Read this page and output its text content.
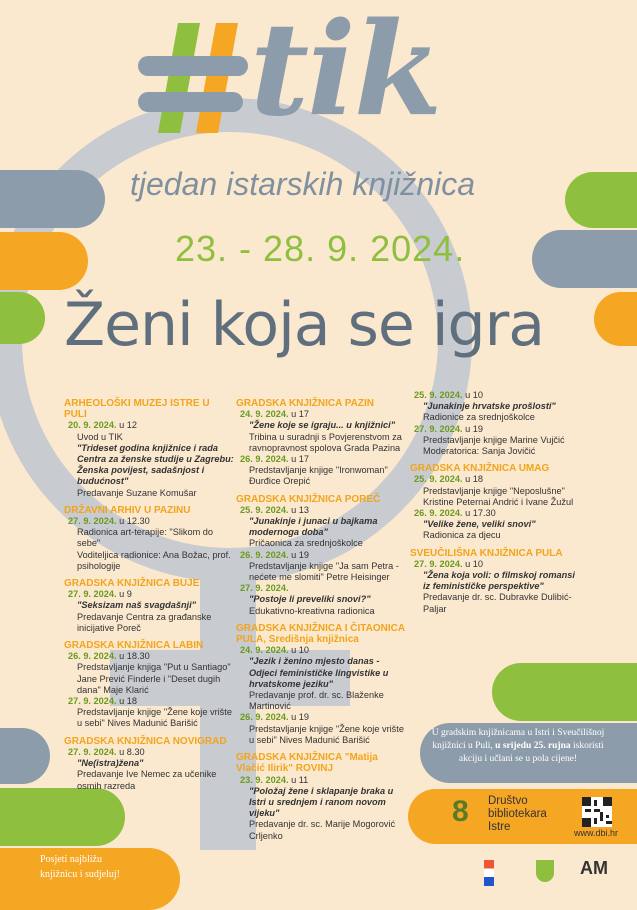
tik
tjedan istarskih knjižnica
23. - 28. 9. 2024.
Ženi koja se igra
ARHEOLOŠKI MUZEJ ISTRE U PULI
20. 9. 2024. u 12
Uvod u TIK
"Trideset godina knjižnice i rada Centra za ženske studije u Zagrebu: Ženska povijest, sadašnjost i budućnost"
Predavanje Suzane Komušar
DRŽAVNI ARHIV U PAZINU
27. 9. 2024. u 12.30
Radionica art-terapije: "Slikom do sebe"
Voditeljica radionice: Ana Božac, prof. psihologije
GRADSKA KNJIŽNICA BUJE
27. 9. 2024. u 9
"Seksizam naš svagdašnji"
Predavanje Centra za građanske inicijative Poreč
GRADSKA KNJIŽNICA LABIN
26. 9. 2024. u 18.30
Predstavljanje knjiga "Put u Santiago" Jane Prević Finderle i "Deset dugih dana" Maje Klarić
27. 9. 2024. u 18
Predstavljanje knjige "Žene koje vrište u sebi" Nives Madunić Barišić
GRADSKA KNJIŽNICA NOVIGRAD
27. 9. 2024. u 8.30
"Ne(istra)žena"
Predavanje Ive Nemec za učenike osmih razreda
GRADSKA KNJIŽNICA PAZIN
24. 9. 2024. u 17
"Žene koje se igraju... u knjižnici"
Tribina u suradnji s Povjerenstvom za ravnopravnost spolova Grada Pazina
26. 9. 2024. u 17
Predstavljanje knjige "Ironwoman" Đurđice Orepić
GRADSKA KNJIŽNICA POREČ
25. 9. 2024. u 13
"Junakinje i junaci u bajkama modernoga doba"
Pričaonica za srednjoškolce
26. 9. 2024. u 19
Predstavljanje knjige "Ja sam Petra - nećete me slomiti" Petre Heisinger
27. 9. 2024.
"Postoje li preveliki snovi?"
Edukativno-kreativna radionica
GRADSKA KNJIŽNICA I ČITAONICA PULA, Središnja knjižnica
24. 9. 2024. u 10
"Jezik i ženino mjesto danas - Odjeci feminističke lingvistike u hrvatskome jeziku"
Predavanje prof. dr. sc. Blaženke Martinović
26. 9. 2024. u 19
Predstavljanje knjige "Žene koje vrište u sebi" Nives Madunić Barišić
GRADSKA KNJIŽNICA "Matija Vlačić Ilirik" ROVINJ
23. 9. 2024. u 11
"Položaj žene i sklapanje braka u Istri u srednjem i ranom novom vijeku"
Predavanje dr. sc. Marije Mogorović Crljenko
25. 9. 2024. u 10
"Junakinje hrvatske prošlosti"
Radionice za srednjoškolce
27. 9. 2024. u 19
Predstavljanje knjige Marine Vujčić
Moderatorica: Sanja Jovičić
GRADSKA KNJIŽNICA UMAG
25. 9. 2024. u 18
Predstavljanje knjige "Neposlušne" Kristine Peternai Andrić i Ivane Žužul
26. 9. 2024. u 17.30
"Velike žene, veliki snovi"
Radionica za djecu
SVEUČILIŠNA KNJIŽNICA PULA
27. 9. 2024. u 10
"Žena koja voli: o filmskoj romansi iz feminističke perspektive"
Predavanje dr. sc. Dubravke Dulibić-Paljar
U gradskim knjižnicama u Istri i Sveučilišnoj knjižnici u Puli, u srijedu 25. rujna iskoristi akciju i učlani se u pola cijene!
8 Društvo
bibliotekara
Istre	www.dbi.hr
Posjeti najbližu
knjižnicu i sudjeluj!	AM
